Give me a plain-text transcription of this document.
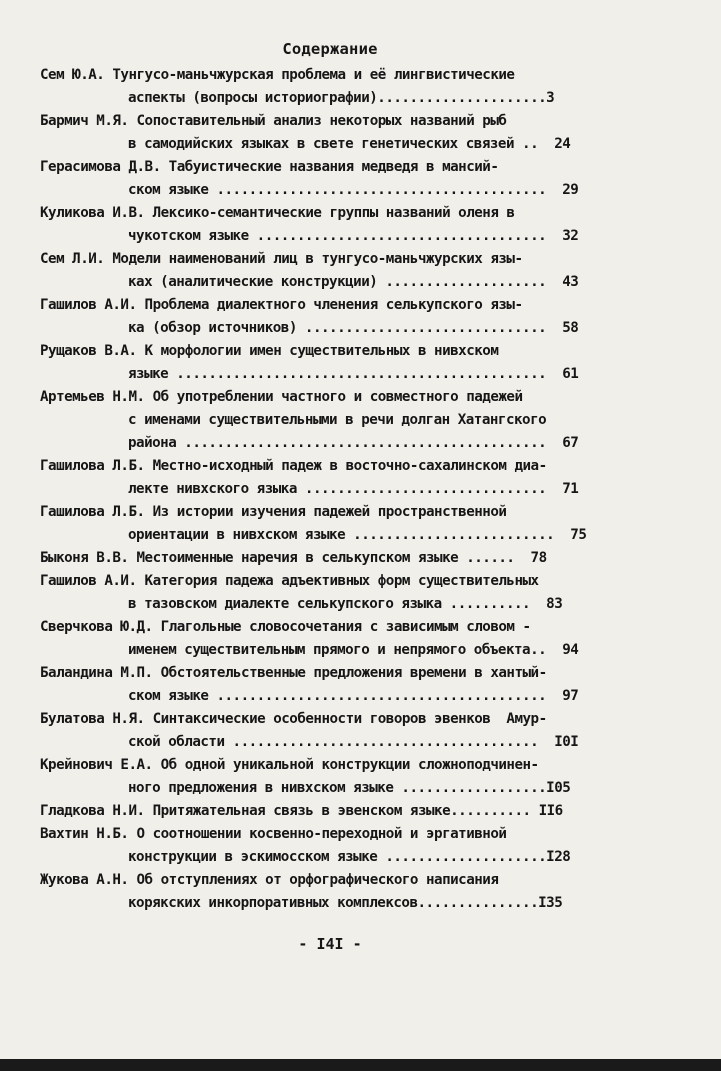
Содержание
Сем Ю.А. Тунгусо-маньчжурская проблема и её лингвистические
аспекты (вопросы историографии).....................3
Бармич М.Я. Сопоставительный анализ некоторых названий рыб
в самодийских языках в свете генетических связей ..  24
Герасимова Д.В. Табуистические названия медведя в мансий-
ском языке .........................................  29
Куликова И.В. Лексико-семантические группы названий оленя в
чукотском языке ....................................  32
Сем Л.И. Модели наименований лиц в тунгусо-маньчжурских язы-
ках (аналитические конструкции) ....................  43
Гашилов А.И. Проблема диалектного членения селькупского язы-
ка (обзор источников) ..............................  58
Рущаков В.А. К морфологии имен существительных в нивхском
языке ..............................................  61
Артемьев Н.М. Об употреблении частного и совместного падежей
с именами существительными в речи долган Хатангского
района .............................................  67
Гашилова Л.Б. Местно-исходный падеж в восточно-сахалинском диа-
лекте нивхского языка ..............................  71
Гашилова Л.Б. Из истории изучения падежей пространственной
ориентации в нивхском языке .........................  75
Быконя В.В. Местоименные наречия в селькупском языке ......  78
Гашилов А.И. Категория падежа адъективных форм существительных
в тазовском диалекте селькупского языка ..........  83
Сверчкова Ю.Д. Глагольные словосочетания с зависимым словом -
именем существительным прямого и непрямого объекта..  94
Баландина М.П. Обстоятельственные предложения времени в хантый-
ском языке .........................................  97
Булатова Н.Я. Синтаксические особенности говоров эвенков  Амур-
ской области ......................................  I0I
Крейнович Е.А. Об одной уникальной конструкции сложноподчинен-
ного предложения в нивхском языке ..................I05
Гладкова Н.И. Притяжательная связь в эвенском языке.......... II6
Вахтин Н.Б. О соотношении косвенно-переходной и эргативной
конструкции в эскимосском языке ....................I28
Жукова А.Н. Об отступлениях от орфографического написания
корякских инкорпоративных комплексов...............I35
- I4I -
